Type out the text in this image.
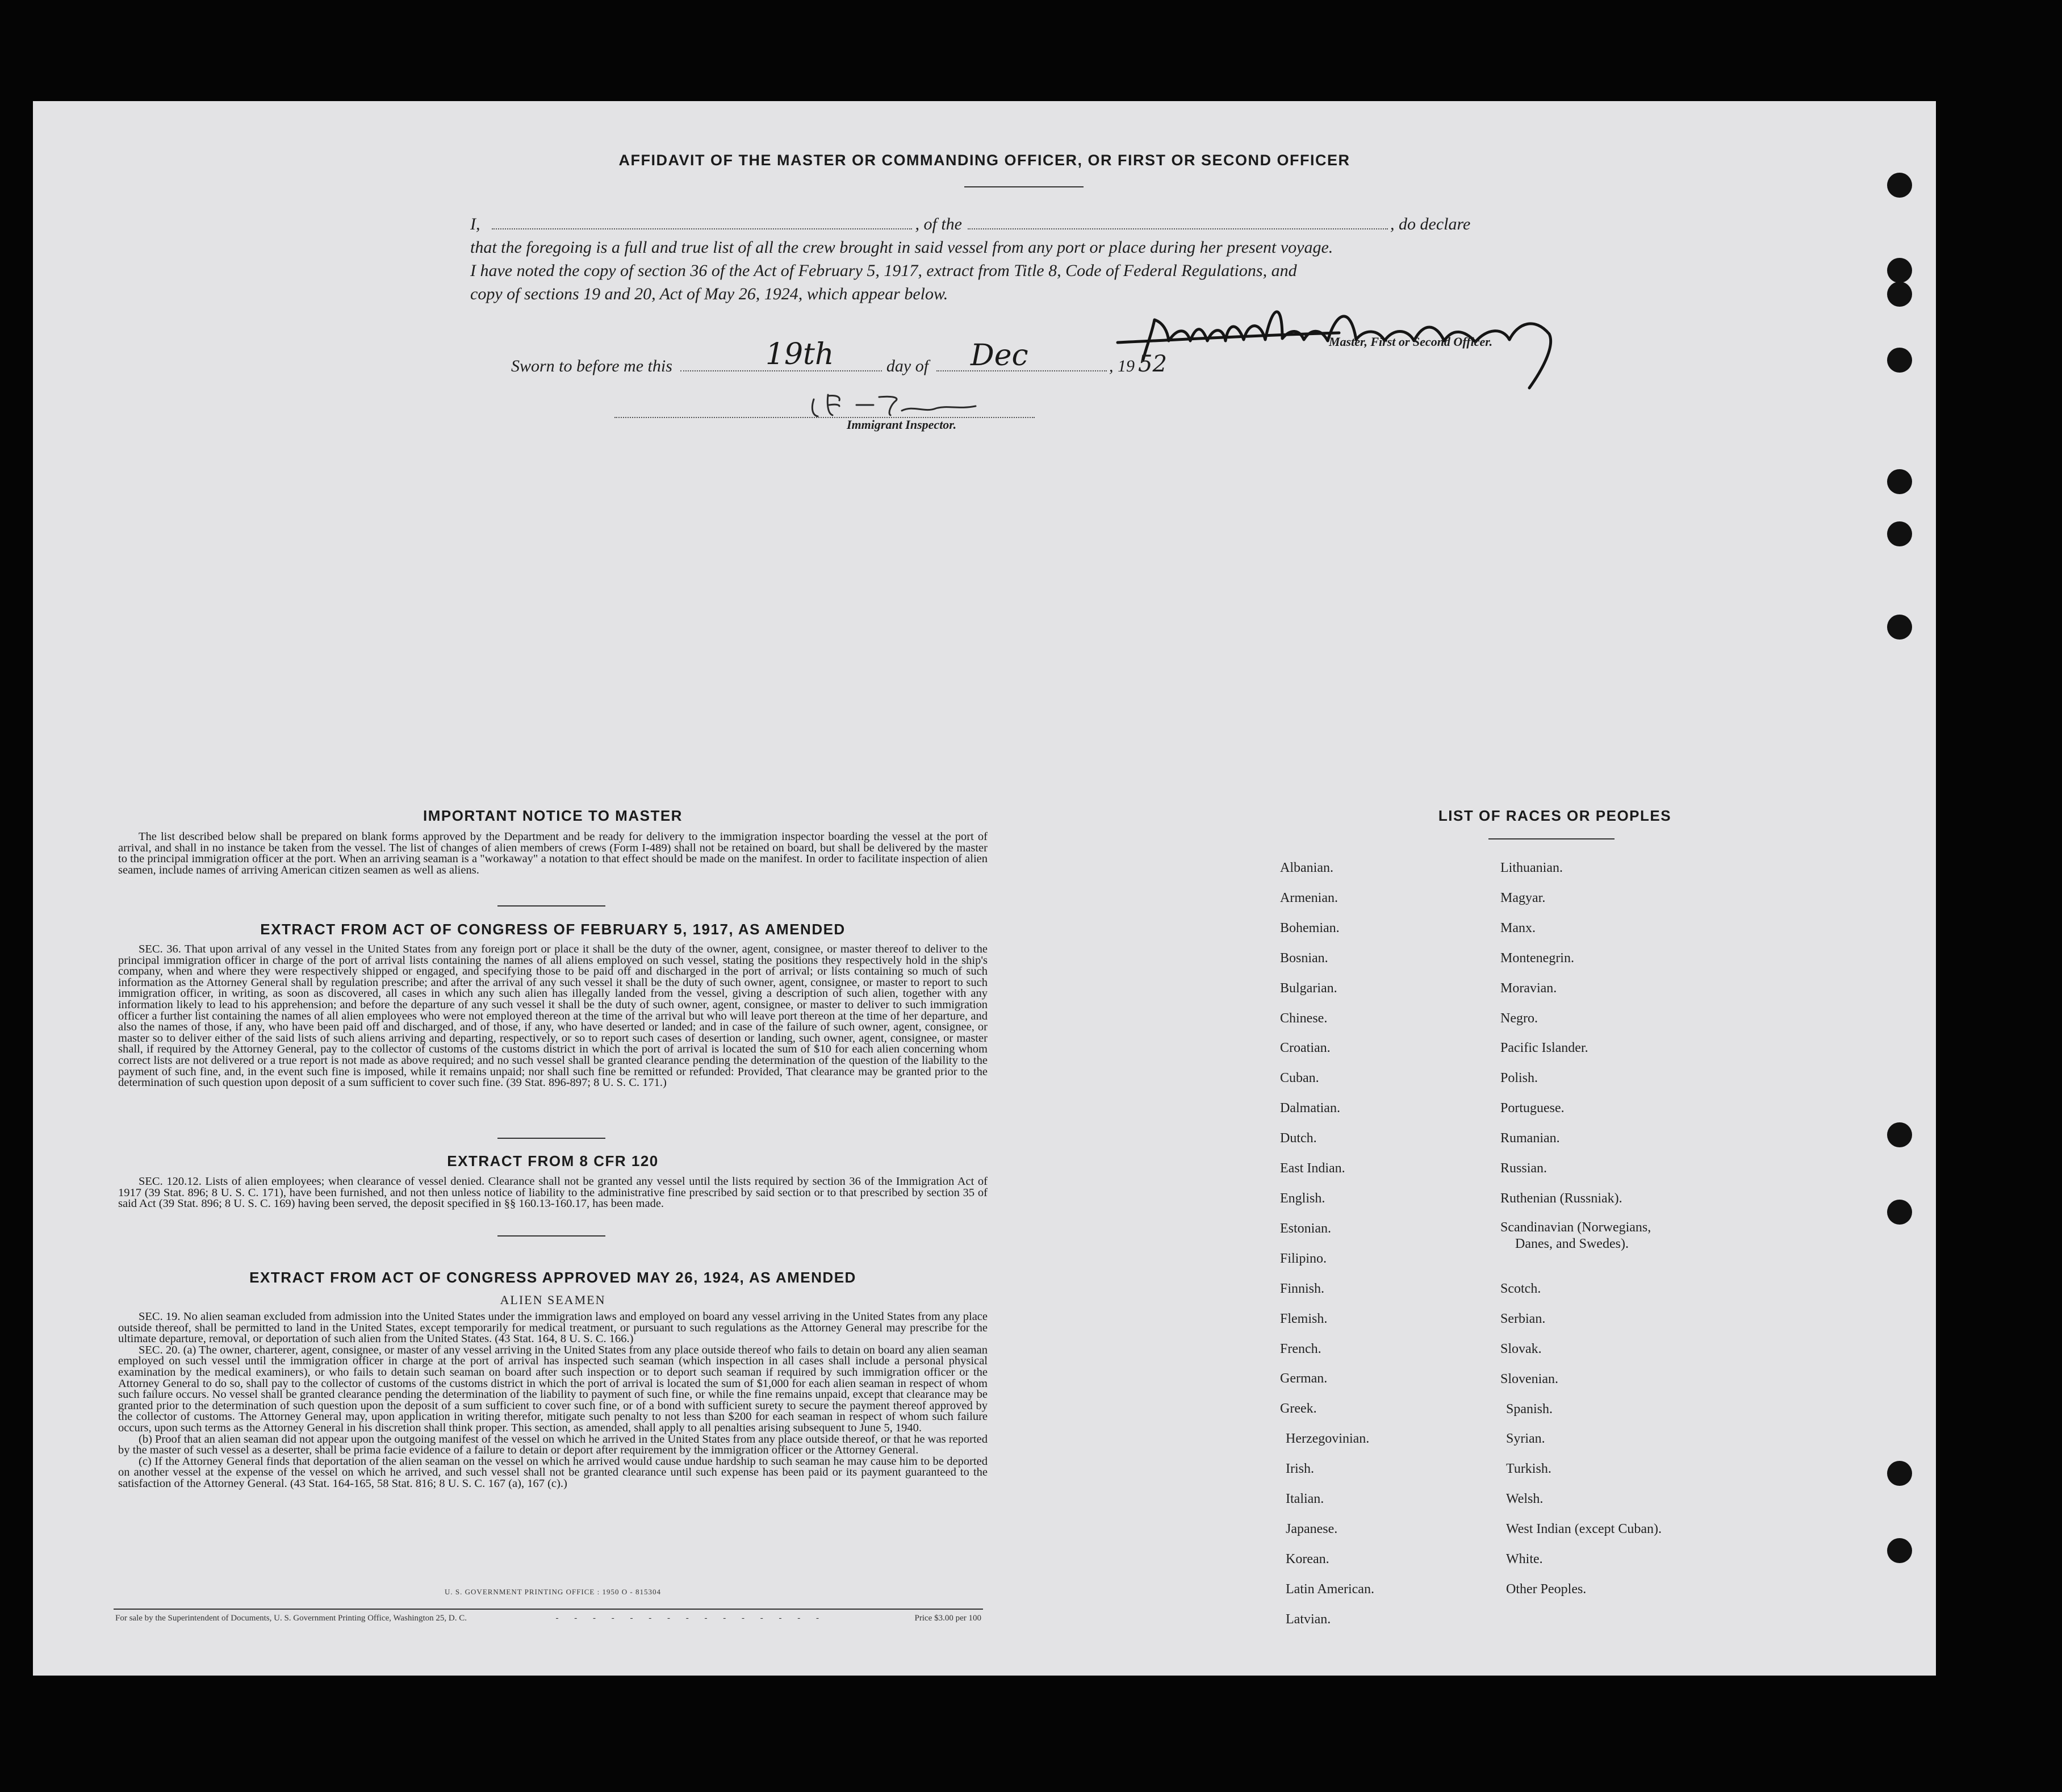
AFFIDAVIT OF THE MASTER OR COMMANDING OFFICER, OR FIRST OR SECOND OFFICER
I,	, of the	, do declare
that the foregoing is a full and true list of all the crew brought in said vessel from any port or place during her present voyage.
I have noted the copy of section 36 of the Act of February 5, 1917, extract from Title 8, Code of Federal Regulations, and
copy of sections 19 and 20, Act of May 26, 1924, which appear below.
Master, First or Second Officer.
Sworn to before me this	19th	day of Dec	, 19 52
Immigrant Inspector.
IMPORTANT NOTICE TO MASTER

The list described below shall be prepared on blank forms approved by the Department and be ready for delivery to the immigration inspector boarding the vessel at the port of arrival, and shall in no instance be taken from the vessel. The list of changes of alien members of crews (Form I-489) shall not be retained on board, but shall be delivered by the master to the principal immigration officer at the port. When an arriving seaman is a "workaway" a notation to that effect should be made on the manifest. In order to facilitate inspection of alien seamen, include names of arriving American citizen seamen as well as aliens.

EXTRACT FROM ACT OF CONGRESS OF FEBRUARY 5, 1917, AS AMENDED

SEC. 36. That upon arrival of any vessel in the United States from any foreign port or place it shall be the duty of the owner, agent, consignee, or master thereof to deliver to the principal immigration officer in charge of the port of arrival lists containing the names of all aliens employed on such vessel, stating the positions they respectively hold in the ship's company, when and where they were respectively shipped or engaged, and specifying those to be paid off and discharged in the port of arrival; or lists containing so much of such information as the Attorney General shall by regulation prescribe; and after the arrival of any such vessel it shall be the duty of such owner, agent, consignee, or master to report to such immigration officer, in writing, as soon as discovered, all cases in which any such alien has illegally landed from the vessel, giving a description of such alien, together with any information likely to lead to his apprehension; and before the departure of any such vessel it shall be the duty of such owner, agent, consignee, or master to deliver to such immigration officer a further list containing the names of all alien employees who were not employed thereon at the time of the arrival but who will leave port thereon at the time of her departure, and also the names of those, if any, who have been paid off and discharged, and of those, if any, who have deserted or landed; and in case of the failure of such owner, agent, consignee, or master so to deliver either of the said lists of such aliens arriving and departing, respectively, or so to report such cases of desertion or landing, such owner, agent, consignee, or master shall, if required by the Attorney General, pay to the collector of customs of the customs district in which the port of arrival is located the sum of $10 for each alien concerning whom correct lists are not delivered or a true report is not made as above required; and no such vessel shall be granted clearance pending the determination of the question of the liability to the payment of such fine, and, in the event such fine is imposed, while it remains unpaid; nor shall such fine be remitted or refunded: Provided, That clearance may be granted prior to the determination of such question upon deposit of a sum sufficient to cover such fine. (39 Stat. 896-897; 8 U. S. C. 171.)

EXTRACT FROM 8 CFR 120

SEC. 120.12. Lists of alien employees; when clearance of vessel denied. Clearance shall not be granted any vessel until the lists required by section 36 of the Immigration Act of 1917 (39 Stat. 896; 8 U. S. C. 171), have been furnished, and not then unless notice of liability to the administrative fine prescribed by said section or to that prescribed by section 35 of said Act (39 Stat. 896; 8 U. S. C. 169) having been served, the deposit specified in §§ 160.13-160.17, has been made.

EXTRACT FROM ACT OF CONGRESS APPROVED MAY 26, 1924, AS AMENDED
ALIEN SEAMEN

SEC. 19. No alien seaman excluded from admission into the United States under the immigration laws and employed on board any vessel arriving in the United States from any place outside thereof, shall be permitted to land in the United States, except temporarily for medical treatment, or pursuant to such regulations as the Attorney General may prescribe for the ultimate departure, removal, or deportation of such alien from the United States. (43 Stat. 164, 8 U. S. C. 166.)

SEC. 20. (a) The owner, charterer, agent, consignee, or master of any vessel arriving in the United States from any place outside thereof who fails to detain on board any alien seaman employed on such vessel until the immigration officer in charge at the port of arrival has inspected such seaman (which inspection in all cases shall include a personal physical examination by the medical examiners), or who fails to detain such seaman on board after such inspection or to deport such seaman if required by such immigration officer or the Attorney General to do so, shall pay to the collector of customs of the customs district in which the port of arrival is located the sum of $1,000 for each alien seaman in respect of whom such failure occurs. No vessel shall be granted clearance pending the determination of the liability to payment of such fine, or while the fine remains unpaid, except that clearance may be granted prior to the determination of such question upon the deposit of a sum sufficient to cover such fine, or of a bond with sufficient surety to secure the payment thereof approved by the collector of customs. The Attorney General may, upon application in writing therefor, mitigate such penalty to not less than $200 for each seaman in respect of whom such failure occurs, upon such terms as the Attorney General in his discretion shall think proper. This section, as amended, shall apply to all penalties arising subsequent to June 5, 1940.

(b) Proof that an alien seaman did not appear upon the outgoing manifest of the vessel on which he arrived in the United States from any place outside thereof, or that he was reported by the master of such vessel as a deserter, shall be prima facie evidence of a failure to detain or deport after requirement by the immigration officer or the Attorney General.

(c) If the Attorney General finds that deportation of the alien seaman on the vessel on which he arrived would cause undue hardship to such seaman he may cause him to be deported on another vessel at the expense of the vessel on which he arrived, and such vessel shall not be granted clearance until such expense has been paid or its payment guaranteed to the satisfaction of the Attorney General. (43 Stat. 164-165, 58 Stat. 816; 8 U. S. C. 167 (a), 167 (c).)

U. S. GOVERNMENT PRINTING OFFICE : 1950 O - 815304
For sale by the Superintendent of Documents, U. S. Government Printing Office, Washington 25, D. C.	- - - - - - - - - - - - - - -	Price $3.00 per 100
LIST OF RACES OR PEOPLES
Albanian.
Armenian.
Bohemian.
Bosnian.
Bulgarian.
Chinese.
Croatian.
Cuban.
Dalmatian.
Dutch.
East Indian.
English.
Estonian.
Filipino.
Finnish.
Flemish.
French.
German.
Greek.
Herzegovinian.
Irish.
Italian.
Japanese.
Korean.
Latin American.
Latvian.
Lithuanian.
Magyar.
Manx.
Montenegrin.
Moravian.
Negro.
Pacific Islander.
Polish.
Portuguese.
Rumanian.
Russian.
Ruthenian (Russniak).
Scandinavian (Norwegians,
Danes, and Swedes).
Scotch.
Serbian.
Slovak.
Slovenian.
Spanish.
Syrian.
Turkish.
Welsh.
West Indian (except Cuban).
White.
Other Peoples.
